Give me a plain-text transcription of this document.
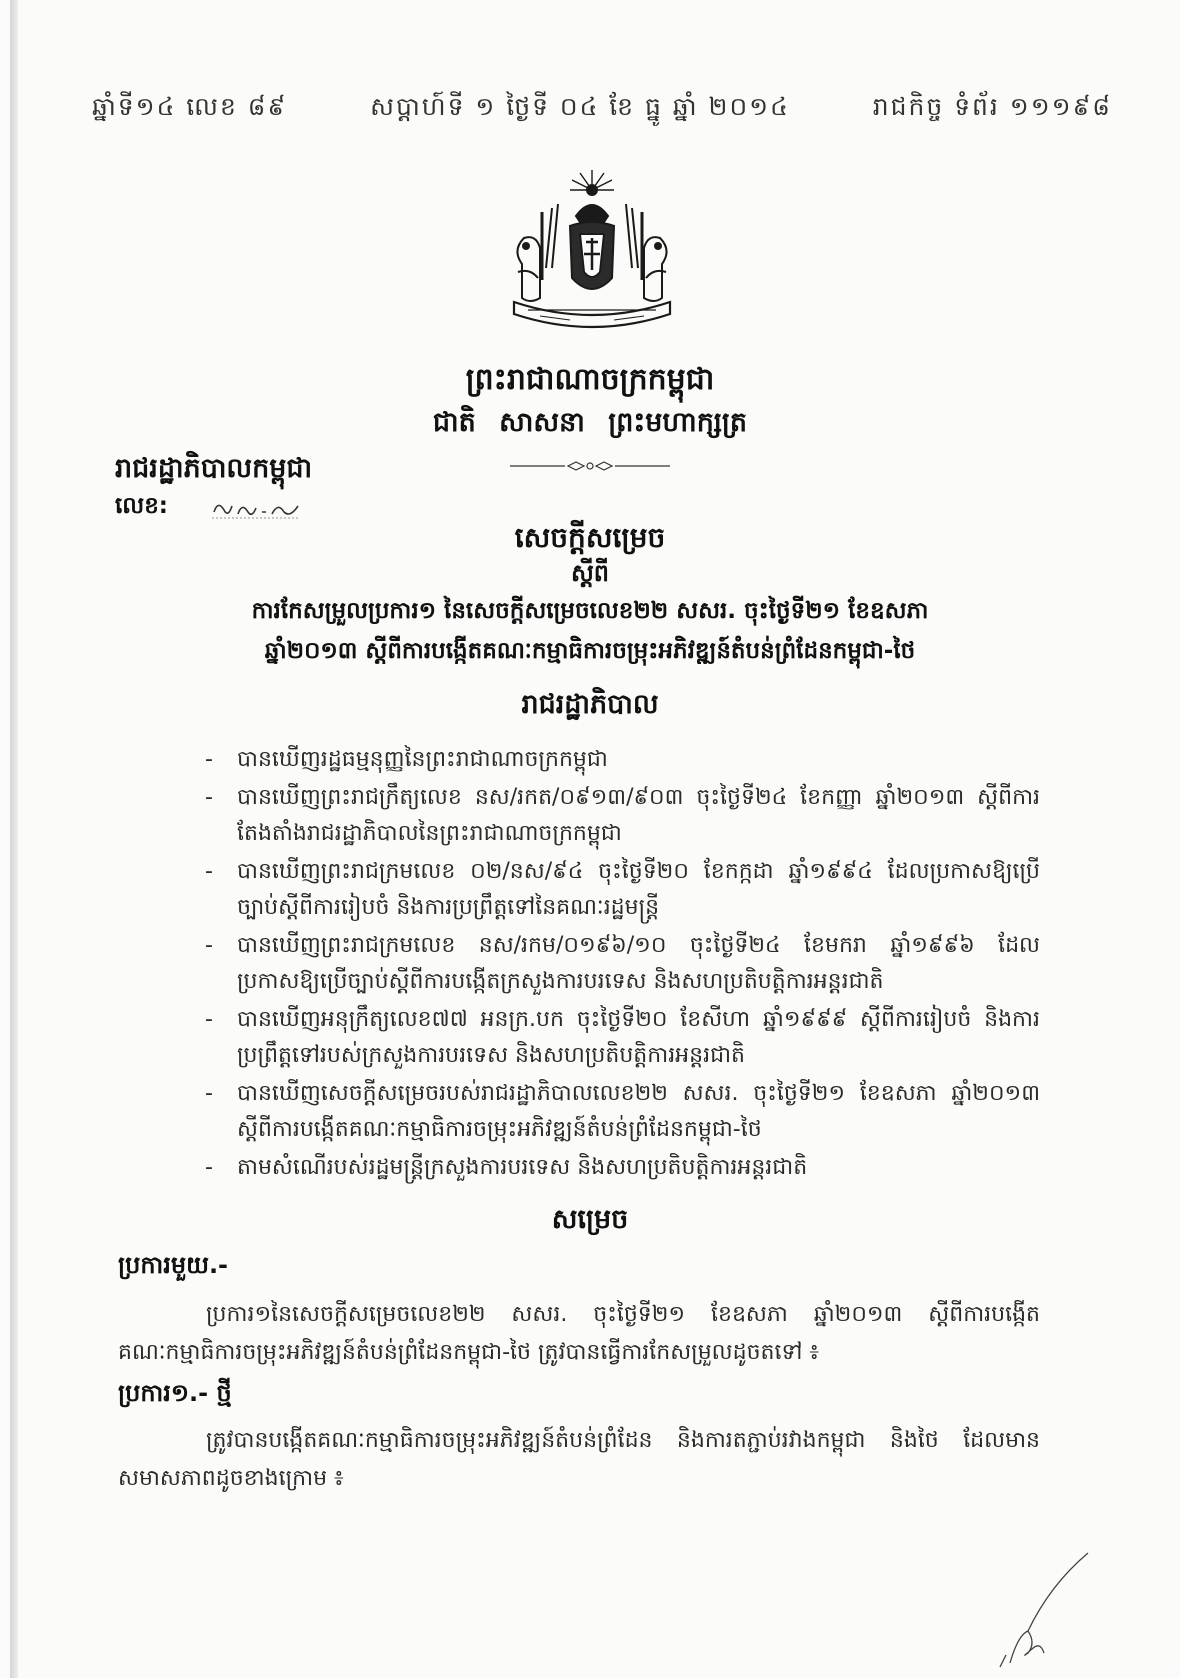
ឆ្នាំទី១៤ លេខ ៨៩	សប្តាហ៍ទី ១ ថ្ងៃទី ០៤ ខែ ធ្នូ ឆ្នាំ ២០១៤	រាជកិច្ច ទំព័រ ១១១៩៨
ព្រះរាជាណាចក្រកម្ពុជា
ជាតិ សាសនា ព្រះមហាក្សត្រ
រាជរដ្ឋាភិបាលកម្ពុជា
លេខ:
សេចក្តីសម្រេច
ស្តីពី
ការកែសម្រួលប្រការ១ នៃសេចក្តីសម្រេចលេខ២២ សសរ. ចុះថ្ងៃទី២១ ខែឧសភា
ឆ្នាំ២០១៣ ស្តីពីការបង្កើតគណៈកម្មាធិការចម្រុះអភិវឌ្ឍន៍តំបន់ព្រំដែនកម្ពុជា-ថៃ
រាជរដ្ឋាភិបាល
- បានឃើញរដ្ឋធម្មនុញ្ញនៃព្រះរាជាណាចក្រកម្ពុជា
- បានឃើញព្រះរាជក្រឹត្យលេខ នស/រកត/០៩១៣/៩០៣ ចុះថ្ងៃទី២៤ ខែកញ្ញា ឆ្នាំ២០១៣ ស្តីពីការតែងតាំងរាជរដ្ឋាភិបាលនៃព្រះរាជាណាចក្រកម្ពុជា
- បានឃើញព្រះរាជក្រមលេខ ០២/នស/៩៤ ចុះថ្ងៃទី២០ ខែកក្កដា ឆ្នាំ១៩៩៤ ដែលប្រកាសឱ្យប្រើច្បាប់ស្តីពីការរៀបចំ និងការប្រព្រឹត្តទៅនៃគណៈរដ្ឋមន្ត្រី
- បានឃើញព្រះរាជក្រមលេខ នស/រកម/០១៩៦/១០ ចុះថ្ងៃទី២៤ ខែមករា ឆ្នាំ១៩៩៦ ដែលប្រកាសឱ្យប្រើច្បាប់ស្តីពីការបង្កើតក្រសួងការបរទេស និងសហប្រតិបត្តិការអន្តរជាតិ
- បានឃើញអនុក្រឹត្យលេខ៧៧ អនក្រ.បក ចុះថ្ងៃទី២០ ខែសីហា ឆ្នាំ១៩៩៩ ស្តីពីការរៀបចំ និងការប្រព្រឹត្តទៅរបស់ក្រសួងការបរទេស និងសហប្រតិបត្តិការអន្តរជាតិ
- បានឃើញសេចក្តីសម្រេចរបស់រាជរដ្ឋាភិបាលលេខ២២ សសរ. ចុះថ្ងៃទី២១ ខែឧសភា ឆ្នាំ២០១៣ ស្តីពីការបង្កើតគណៈកម្មាធិការចម្រុះអភិវឌ្ឍន៍តំបន់ព្រំដែនកម្ពុជា-ថៃ
- តាមសំណើរបស់រដ្ឋមន្ត្រីក្រសួងការបរទេស និងសហប្រតិបត្តិការអន្តរជាតិ
សម្រេច
ប្រការមួយ.-
ប្រការ១នៃសេចក្តីសម្រេចលេខ២២ សសរ. ចុះថ្ងៃទី២១ ខែឧសភា ឆ្នាំ២០១៣ ស្តីពីការបង្កើតគណៈកម្មាធិការចម្រុះអភិវឌ្ឍន៍តំបន់ព្រំដែនកម្ពុជា-ថៃ ត្រូវបានធ្វើការកែសម្រួលដូចតទៅ ៖
ប្រការ១.- ថ្មី
ត្រូវបានបង្កើតគណៈកម្មាធិការចម្រុះអភិវឌ្ឍន៍តំបន់ព្រំដែន និងការតភ្ជាប់រវាងកម្ពុជា និងថៃ ដែលមានសមាសភាពដូចខាងក្រោម ៖
